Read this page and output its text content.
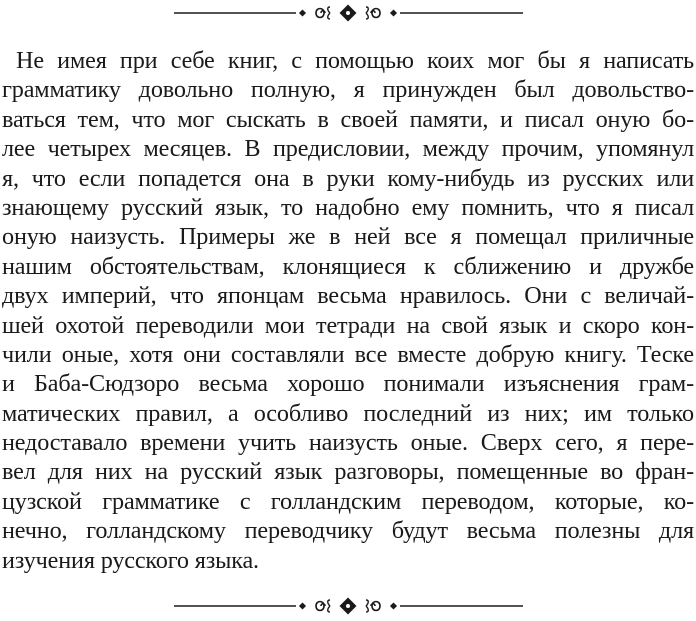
Не имея при себе книг, с помощью коих мог бы я написать
грамматику довольно полную, я принужден был довольство-
ваться тем, что мог сыскать в своей памяти, и писал оную бо-
лее четырех месяцев. В предисловии, между прочим, упомянул
я, что если попадется она в руки кому-нибудь из русских или
знающему русский язык, то надобно ему помнить, что я писал
оную наизусть. Примеры же в ней все я помещал приличные
нашим обстоятельствам, клонящиеся к сближению и дружбе
двух империй, что японцам весьма нравилось. Они с величай-
шей охотой переводили мои тетради на свой язык и скоро кон-
чили оные, хотя они составляли все вместе добрую книгу. Теске
и Баба-Сюдзоро весьма хорошо понимали изъяснения грам-
матических правил, а особливо последний из них; им только
недоставало времени учить наизусть оные. Сверх сего, я пере-
вел для них на русский язык разговоры, помещенные во фран-
цузской грамматике с голландским переводом, которые, ко-
нечно, голландскому переводчику будут весьма полезны для
изучения русского языка.
